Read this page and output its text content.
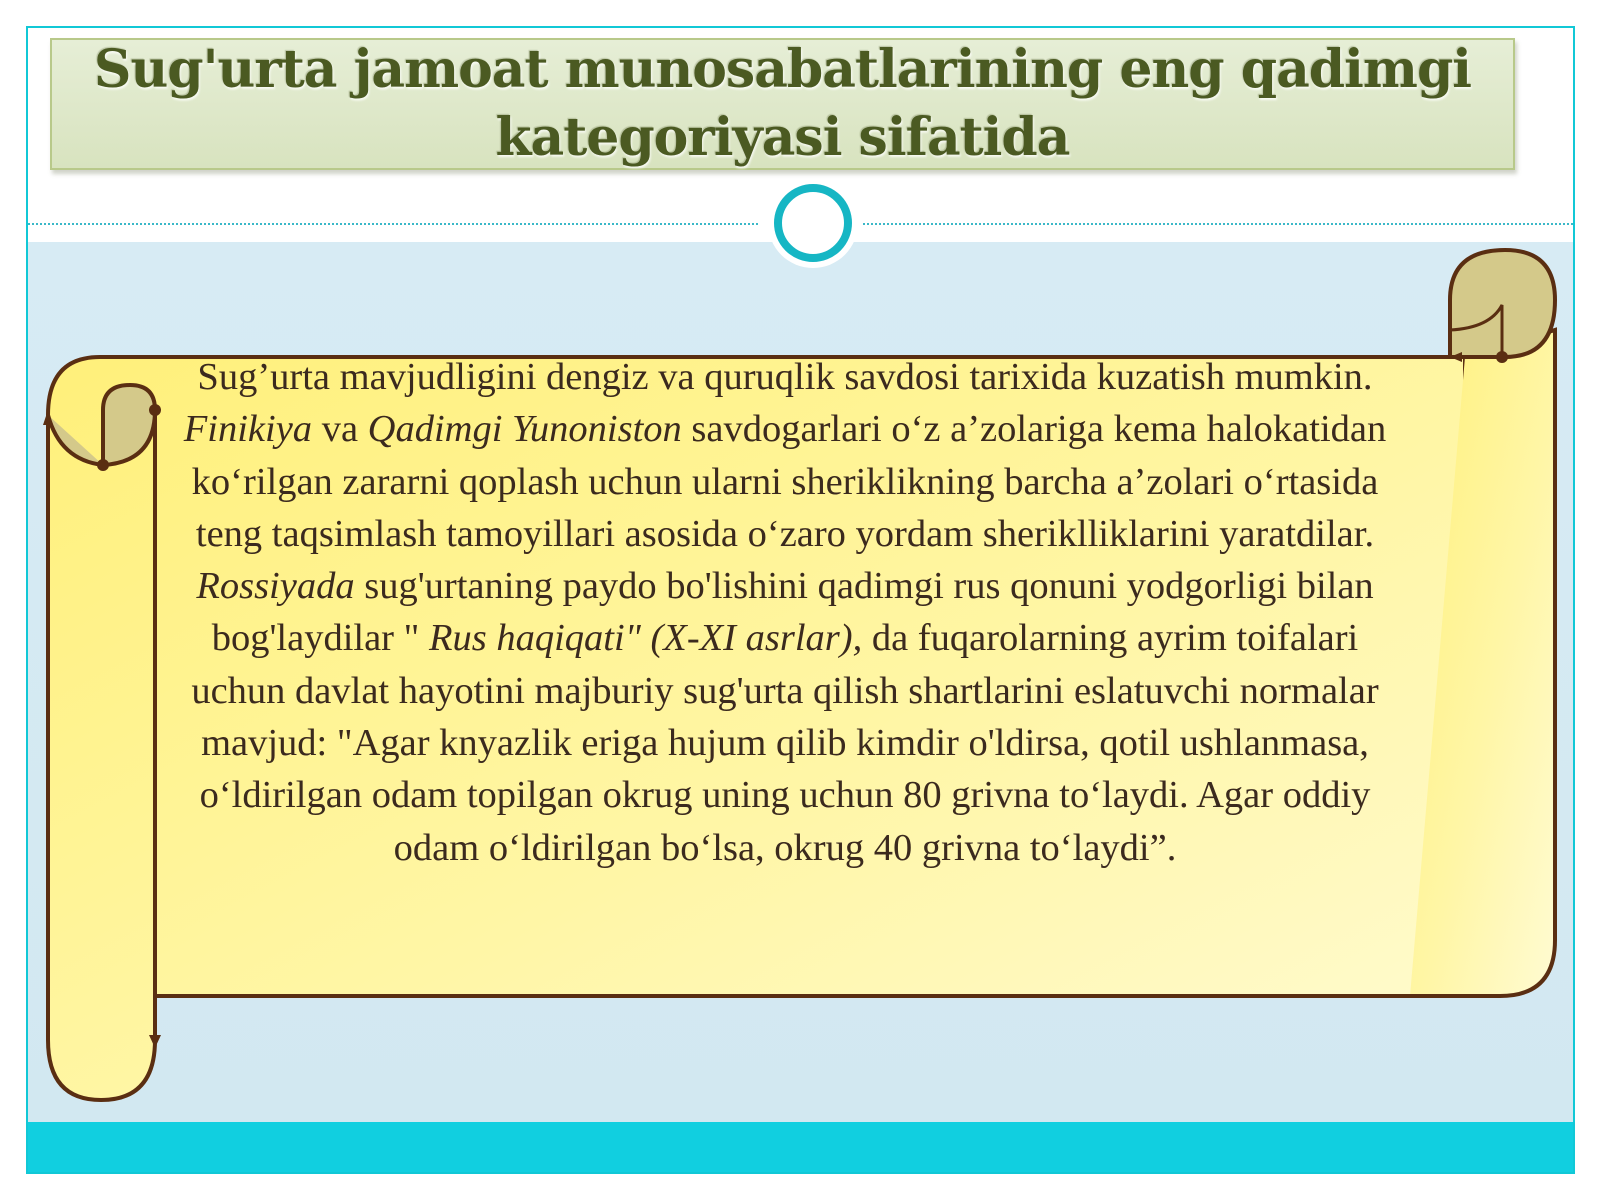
Sug'urta jamoat munosabatlarining eng qadimgi
kategoriyasi sifatida

Sug’urta mavjudligini dengiz va quruqlik savdosi tarixida kuzatish mumkin. Finikiya va Qadimgi Yunoniston savdogarlari o‘z a’zolariga kema halokatidan ko‘rilgan zararni qoplash uchun ularni sheriklikning barcha a’zolari o‘rtasida teng taqsimlash tamoyillari asosida o‘zaro yordam sheriklliklarini yaratdilar.

Rossiyada sug'urtaning paydo bo'lishini qadimgi rus qonuni yodgorligi bilan bog'laydilar " Rus haqiqati" (X-XI asrlar), da fuqarolarning ayrim toifalari uchun davlat hayotini majburiy sug'urta qilish shartlarini eslatuvchi normalar mavjud: "Agar knyazlik eriga hujum qilib kimdir o'ldirsa, qotil ushlanmasa, o‘ldirilgan odam topilgan okrug uning uchun 80 grivna to‘laydi. Agar oddiy odam o‘ldirilgan bo‘lsa, okrug 40 grivna to‘laydi”.
